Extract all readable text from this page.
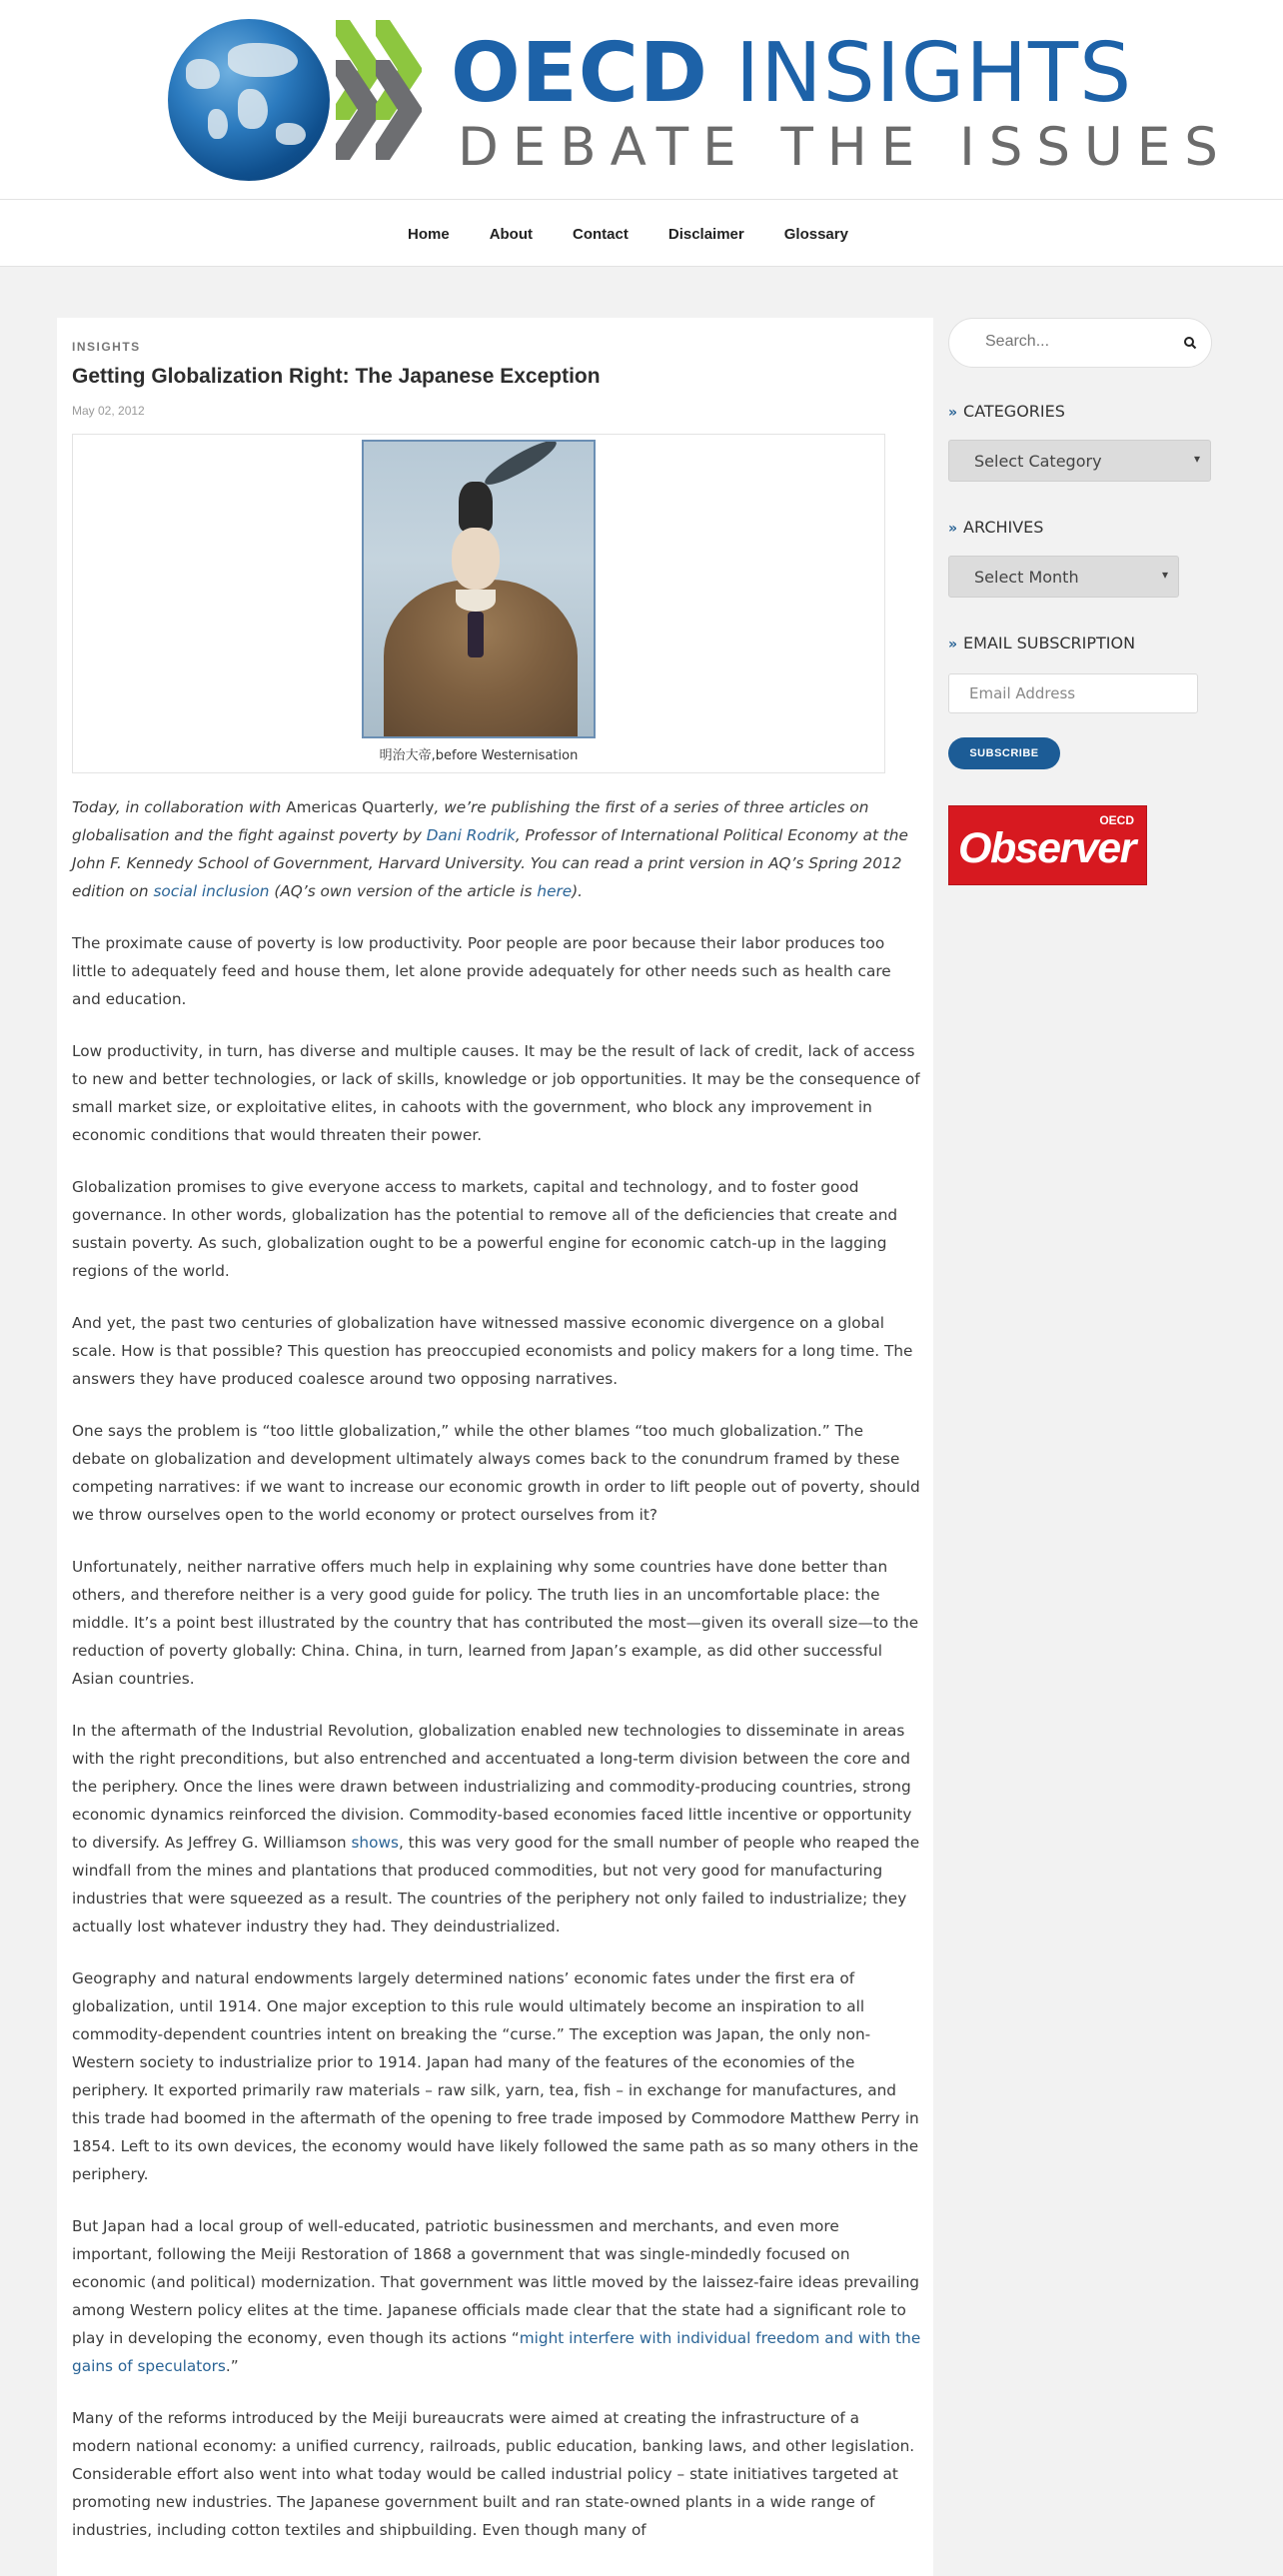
OECD INSIGHTS
DEBATE THE ISSUES
Home	About	Contact	Disclaimer	Glossary
INSIGHTS
Getting Globalization Right: The Japanese Exception
May 02, 2012
明治大帝,before Westernisation

Today, in collaboration with Americas Quarterly, we’re publishing the first of a series of three articles on globalisation and the fight against poverty by Dani Rodrik, Professor of International Political Economy at the John F. Kennedy School of Government, Harvard University. You can read a print version in AQ’s Spring 2012 edition on social inclusion (AQ’s own version of the article is here).

The proximate cause of poverty is low productivity. Poor people are poor because their labor produces too little to adequately feed and house them, let alone provide adequately for other needs such as health care and education.

Low productivity, in turn, has diverse and multiple causes. It may be the result of lack of credit, lack of access to new and better technologies, or lack of skills, knowledge or job opportunities. It may be the consequence of small market size, or exploitative elites, in cahoots with the government, who block any improvement in economic conditions that would threaten their power.

Globalization promises to give everyone access to markets, capital and technology, and to foster good governance. In other words, globalization has the potential to remove all of the deficiencies that create and sustain poverty. As such, globalization ought to be a powerful engine for economic catch-up in the lagging regions of the world.

And yet, the past two centuries of globalization have witnessed massive economic divergence on a global scale. How is that possible? This question has preoccupied economists and policy makers for a long time. The answers they have produced coalesce around two opposing narratives.

One says the problem is “too little globalization,” while the other blames “too much globalization.” The debate on globalization and development ultimately always comes back to the conundrum framed by these competing narratives: if we want to increase our economic growth in order to lift people out of poverty, should we throw ourselves open to the world economy or protect ourselves from it?

Unfortunately, neither narrative offers much help in explaining why some countries have done better than others, and therefore neither is a very good guide for policy. The truth lies in an uncomfortable place: the middle. It’s a point best illustrated by the country that has contributed the most—given its overall size—to the reduction of poverty globally: China. China, in turn, learned from Japan’s example, as did other successful Asian countries.

In the aftermath of the Industrial Revolution, globalization enabled new technologies to disseminate in areas with the right preconditions, but also entrenched and accentuated a long-term division between the core and the periphery. Once the lines were drawn between industrializing and commodity-producing countries, strong economic dynamics reinforced the division. Commodity-based economies faced little incentive or opportunity to diversify. As Jeffrey G. Williamson shows, this was very good for the small number of people who reaped the windfall from the mines and plantations that produced commodities, but not very good for manufacturing industries that were squeezed as a result. The countries of the periphery not only failed to industrialize; they actually lost whatever industry they had. They deindustrialized.

Geography and natural endowments largely determined nations’ economic fates under the first era of globalization, until 1914. One major exception to this rule would ultimately become an inspiration to all commodity-dependent countries intent on breaking the “curse.” The exception was Japan, the only non-Western society to industrialize prior to 1914. Japan had many of the features of the economies of the periphery. It exported primarily raw materials – raw silk, yarn, tea, fish – in exchange for manufactures, and this trade had boomed in the aftermath of the opening to free trade imposed by Commodore Matthew Perry in 1854. Left to its own devices, the economy would have likely followed the same path as so many others in the periphery.

But Japan had a local group of well-educated, patriotic businessmen and merchants, and even more important, following the Meiji Restoration of 1868 a government that was single-mindedly focused on economic (and political) modernization. That government was little moved by the laissez-faire ideas prevailing among Western policy elites at the time. Japanese officials made clear that the state had a significant role to play in developing the economy, even though its actions “might interfere with individual freedom and with the gains of speculators.”

Many of the reforms introduced by the Meiji bureaucrats were aimed at creating the infrastructure of a modern national economy: a unified currency, railroads, public education, banking laws, and other legislation. Considerable effort also went into what today would be called industrial policy – state initiatives targeted at promoting new industries. The Japanese government built and ran state-owned plants in a wide range of industries, including cotton textiles and shipbuilding. Even though many of

Search...
» CATEGORIES
Select Category	▾
» ARCHIVES
Select Month	▾
» EMAIL SUBSCRIPTION
Email Address
SUBSCRIBE
OECD
Observer
